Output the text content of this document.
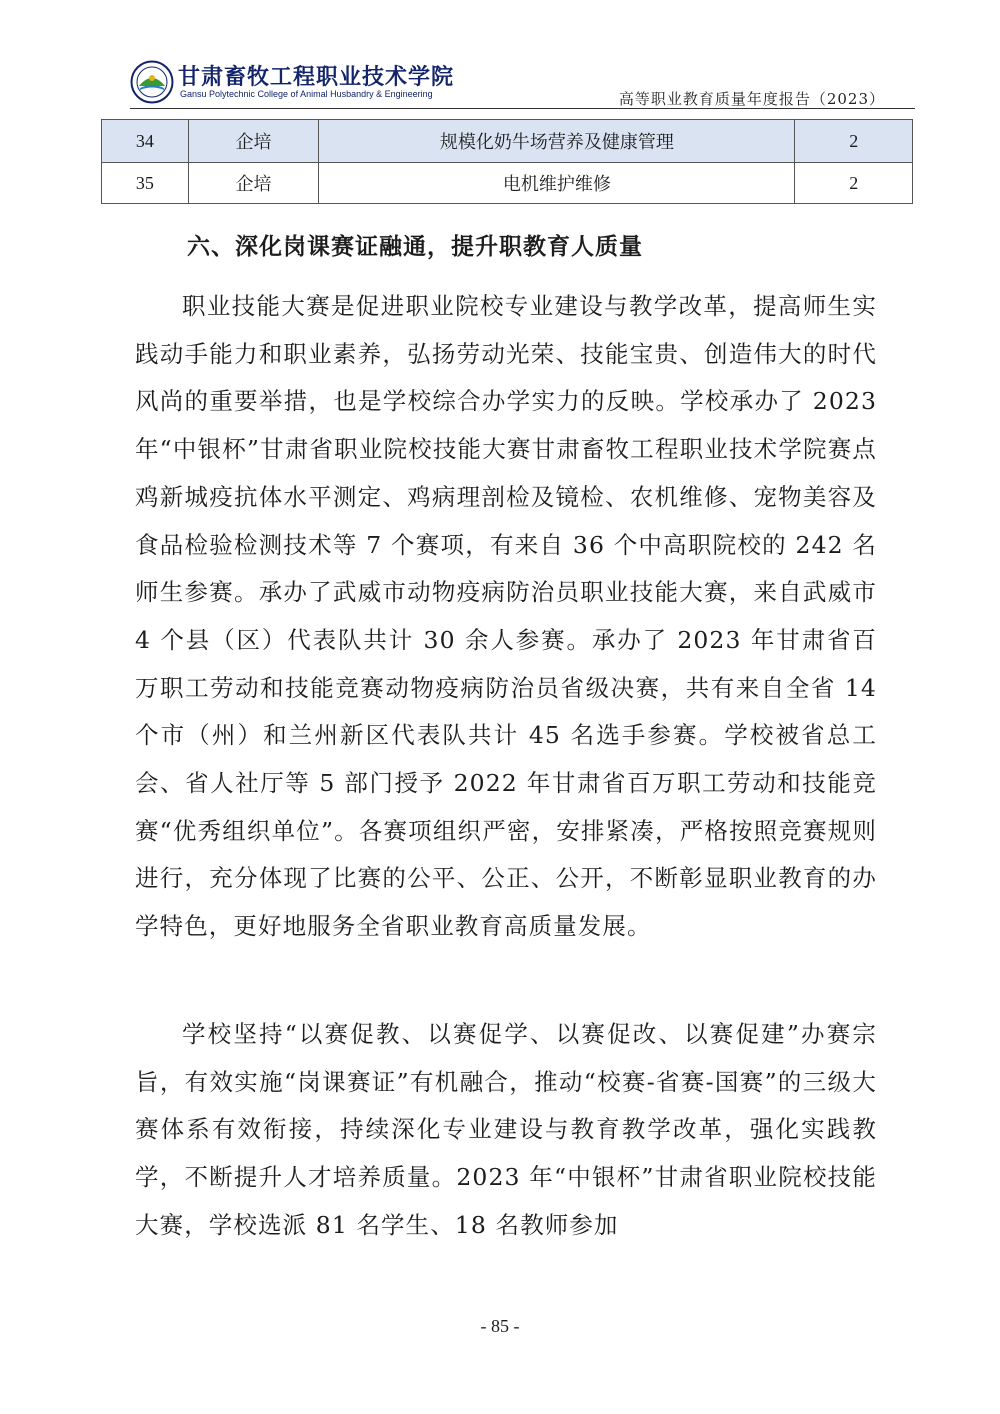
甘肃畜牧工程职业技术学院
Gansu Polytechnic College of Animal Husbandry & Engineering	高等职业教育质量年度报告（2023）
34	企培	规模化奶牛场营养及健康管理	2
35	企培	电机维护维修	2
六、深化岗课赛证融通，提升职教育人质量

职业技能大赛是促进职业院校专业建设与教学改革，提高师生实践动手能力和职业素养，弘扬劳动光荣、技能宝贵、创造伟大的时代风尚的重要举措，也是学校综合办学实力的反映。学校承办了 2023 年“中银杯”甘肃省职业院校技能大赛甘肃畜牧工程职业技术学院赛点鸡新城疫抗体水平测定、鸡病理剖检及镜检、农机维修、宠物美容及食品检验检测技术等 7 个赛项，有来自 36 个中高职院校的 242 名师生参赛。承办了武威市动物疫病防治员职业技能大赛，来自武威市 4 个县（区）代表队共计 30 余人参赛。承办了 2023 年甘肃省百万职工劳动和技能竞赛动物疫病防治员省级决赛，共有来自全省 14 个市（州）和兰州新区代表队共计 45 名选手参赛。学校被省总工会、省人社厅等 5 部门授予 2022 年甘肃省百万职工劳动和技能竞赛“优秀组织单位”。各赛项组织严密，安排紧凑，严格按照竞赛规则进行，充分体现了比赛的公平、公正、公开，不断彰显职业教育的办学特色，更好地服务全省职业教育高质量发展。

学校坚持“以赛促教、以赛促学、以赛促改、以赛促建”办赛宗旨，有效实施“岗课赛证”有机融合，推动“校赛-省赛-国赛”的三级大赛体系有效衔接，持续深化专业建设与教育教学改革，强化实践教学，不断提升人才培养质量。2023 年“中银杯”甘肃省职业院校技能大赛，学校选派 81 名学生、18 名教师参加

- 85 -
